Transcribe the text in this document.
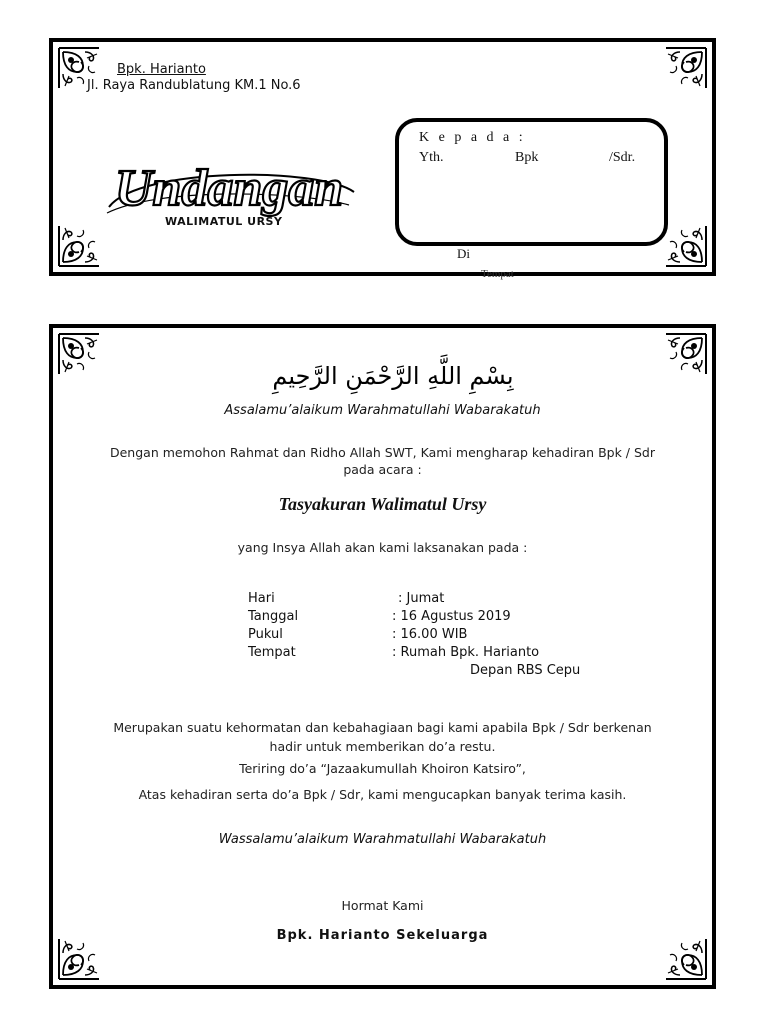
Bpk. Harianto
Jl. Raya Randublatung KM.1 No.6
Undangan
WALIMATUL URSY
K e p a d a :
Yth.	Bpk	/Sdr.
Di
Tempat
بِسْمِ اللَّهِ الرَّحْمَنِ الرَّحِيمِ
Assalamu’alaikum Warahmatullahi Wabarakatuh
Dengan memohon Rahmat dan Ridho Allah SWT, Kami mengharap kehadiran Bpk / Sdr
pada acara :
Tasyakuran Walimatul Ursy
yang Insya Allah akan kami laksanakan pada :
Hari	: Jumat
Tanggal	: 16 Agustus 2019
Pukul	: 16.00 WIB
Tempat	: Rumah Bpk. Harianto
Depan RBS Cepu
Merupakan suatu kehormatan dan kebahagiaan bagi kami apabila Bpk / Sdr berkenan
hadir untuk memberikan do’a restu.
Teriring do’a “Jazaakumullah Khoiron Katsiro”,
Atas kehadiran serta do’a Bpk / Sdr, kami mengucapkan banyak terima kasih.
Wassalamu’alaikum Warahmatullahi Wabarakatuh
Hormat Kami
Bpk. Harianto Sekeluarga
